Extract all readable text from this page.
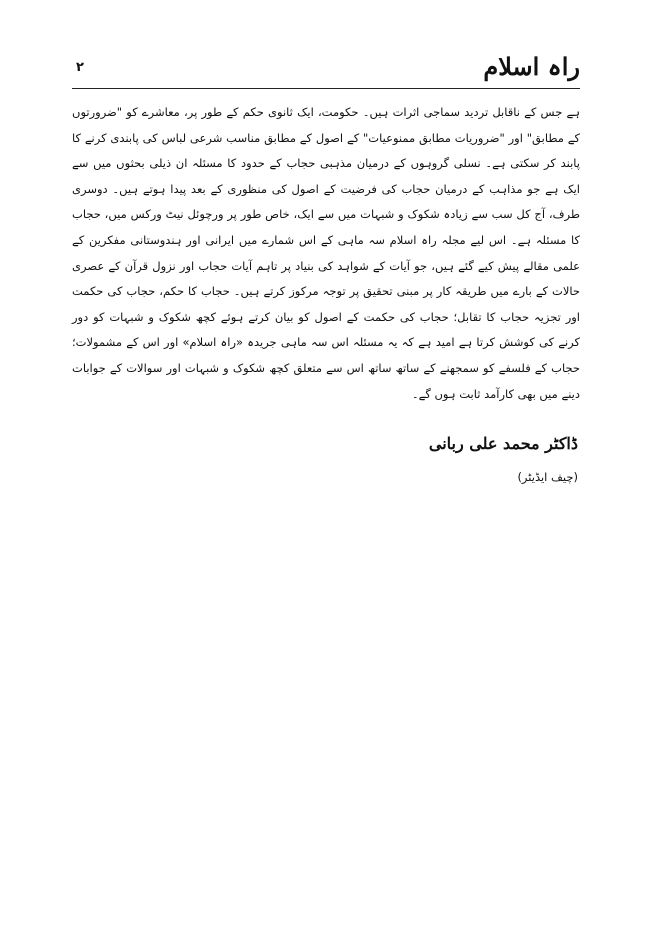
راہ اسلام
۲

ہے جس کے ناقابل تردید سماجی اثرات ہیں۔ حکومت، ایک ثانوی حکم کے طور پر، معاشرے کو "ضرورتوں کے مطابق" اور "ضروریات مطابق ممنوعیات" کے اصول کے مطابق مناسب شرعی لباس کی پابندی کرنے کا پابند کر سکتی ہے۔ نسلی گروہوں کے درمیان مذہبی حجاب کے حدود کا مسئلہ ان ذیلی بحثوں میں سے ایک ہے جو مذاہب کے درمیان حجاب کی فرضیت کے اصول کی منظوری کے بعد پیدا ہوتے ہیں۔ دوسری طرف، آج کل سب سے زیادہ شکوک و شبہات میں سے ایک، خاص طور پر ورچوئل نیٹ ورکس میں، حجاب کا مسئلہ ہے۔ اس لیے مجلہ راہ اسلام سہ ماہی کے اس شمارے میں ایرانی اور ہندوستانی مفکرین کے علمی مقالے پیش کیے گئے ہیں، جو آیات کے شواہد کی بنیاد پر تاہم آیات حجاب اور نزول قرآن کے عصری حالات کے بارے میں طریقہ کار پر مبنی تحقیق پر توجہ مرکوز کرتے ہیں۔ حجاب کا حکم، حجاب کی حکمت اور تجزیہ حجاب کا تقابل؛ حجاب کی حکمت کے اصول کو بیان کرتے ہوئے کچھ شکوک و شبہات کو دور کرنے کی کوشش کرتا ہے امید ہے کہ یہ مسئلہ اس سہ ماہی جریدہ «راہ اسلام» اور اس کے مشمولات؛ حجاب کے فلسفے کو سمجھنے کے ساتھ ساتھ اس سے متعلق کچھ شکوک و شبہات اور سوالات کے جوابات دینے میں بھی کارآمد ثابت ہوں گے۔

ڈاکٹر محمد علی ربانی
(چیف ایڈیٹر)
